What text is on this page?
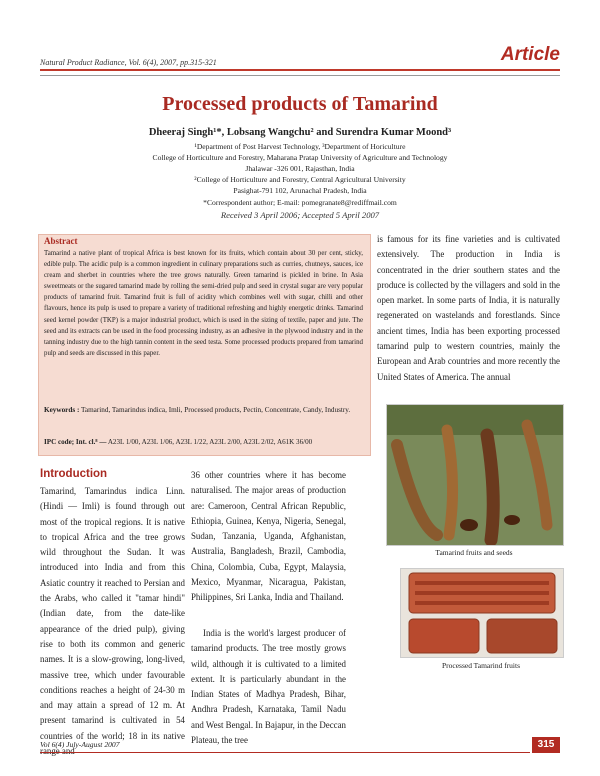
Natural Product Radiance, Vol. 6(4), 2007, pp.315-321	Article
Processed products of Tamarind
Dheeraj Singh¹*, Lobsang Wangchu² and Surendra Kumar Moond³
¹Department of Post Harvest Technology, ³Department of Horiculture
College of Horticulture and Forestry, Maharana Pratap University of Agriculture and Technology
Jhalawar -326 001, Rajasthan, India
²College of Horticulture and Forestry, Central Agricultural University
Pasighat-791 102, Arunachal Pradesh, India
*Correspondent author; E-mail: pomegranate8@rediffmail.com
Received 3 April 2006; Accepted 5 April 2007
Abstract
Tamarind a native plant of tropical Africa is best known for its fruits, which contain about 30 per cent, sticky, edible pulp. The acidic pulp is a common ingredient in culinary preparations such as curries, chutneys, sauces, ice cream and sherbet in countries where the tree grows naturally. Green tamarind is pickled in brine. In Asia sweetmeats or the sugared tamarind made by rolling the semi-dried pulp and seed in crystal sugar are very popular products of tamarind fruit. Tamarind fruit is full of acidity which combines well with sugar, chilli and other flavours, hence its pulp is used to prepare a variety of traditional refreshing and highly energetic drinks. Tamarind seed kernel powder (TKP) is a major industrial product, which is used in the sizing of textile, paper and jute. The seed and its extracts can be used in the food processing industry, as an adhesive in the plywood industry and in the tanning industry due to the high tannin content in the seed testa. Some processed products prepared from tamarind pulp and seeds are discussed in this paper.
Keywords : Tamarind, Tamarindus indica, Imli, Processed products, Pectin, Concentrate, Candy, Industry.
IPC code; Int. cl.⁸ — A23L 1/00, A23L 1/06, A23L 1/22, A23L 2/00, A23L 2/02, A61K 36/00
is famous for its fine varieties and is cultivated extensively. The production in India is concentrated in the drier southern states and the produce is collected by the villagers and sold in the open market. In some parts of India, it is naturally regenerated on wastelands and forestlands. Since ancient times, India has been exporting processed tamarind pulp to western countries, mainly the European and Arab countries and more recently the United States of America. The annual
Introduction
Tamarind, Tamarindus indica Linn. (Hindi — Imli) is found through out most of the tropical regions. It is native to tropical Africa and the tree grows wild throughout the Sudan. It was introduced into India and from this Asiatic country it reached to Persian and the Arabs, who called it "tamar hindi" (Indian date, from the date-like appearance of the dried pulp), giving rise to both its common and generic names. It is a slow-growing, long-lived, massive tree, which under favourable conditions reaches a height of 24-30 m and may attain a spread of 12 m. At present tamarind is cultivated in 54 countries of the world; 18 in its native
36 other countries where it has become naturalised. The major areas of production are: Cameroon, Central African Republic, Ethiopia, Guinea, Kenya, Nigeria, Senegal, Sudan, Tanzania, Uganda, Afghanistan, Australia, Bangladesh, Brazil, Cambodia, China, Colombia, Cuba, Egypt, Malaysia, Mexico, Myanmar, Nicaragua, Pakistan, Philippines, Sri Lanka, India and Thailand.
India is the world's largest producer of tamarind products. The tree mostly grows wild, although it is cultivated to a limited extent. It is particularly abundant in the Indian States of Madhya Pradesh, Bihar, Andhra Pradesh, Karnataka, Tamil Nadu and West Bengal. In Bajapur, in the Deccan Plateau, the tree
Tamarind fruits and seeds
Processed Tamarind fruits
Vol 6(4) July-August 2007	315
